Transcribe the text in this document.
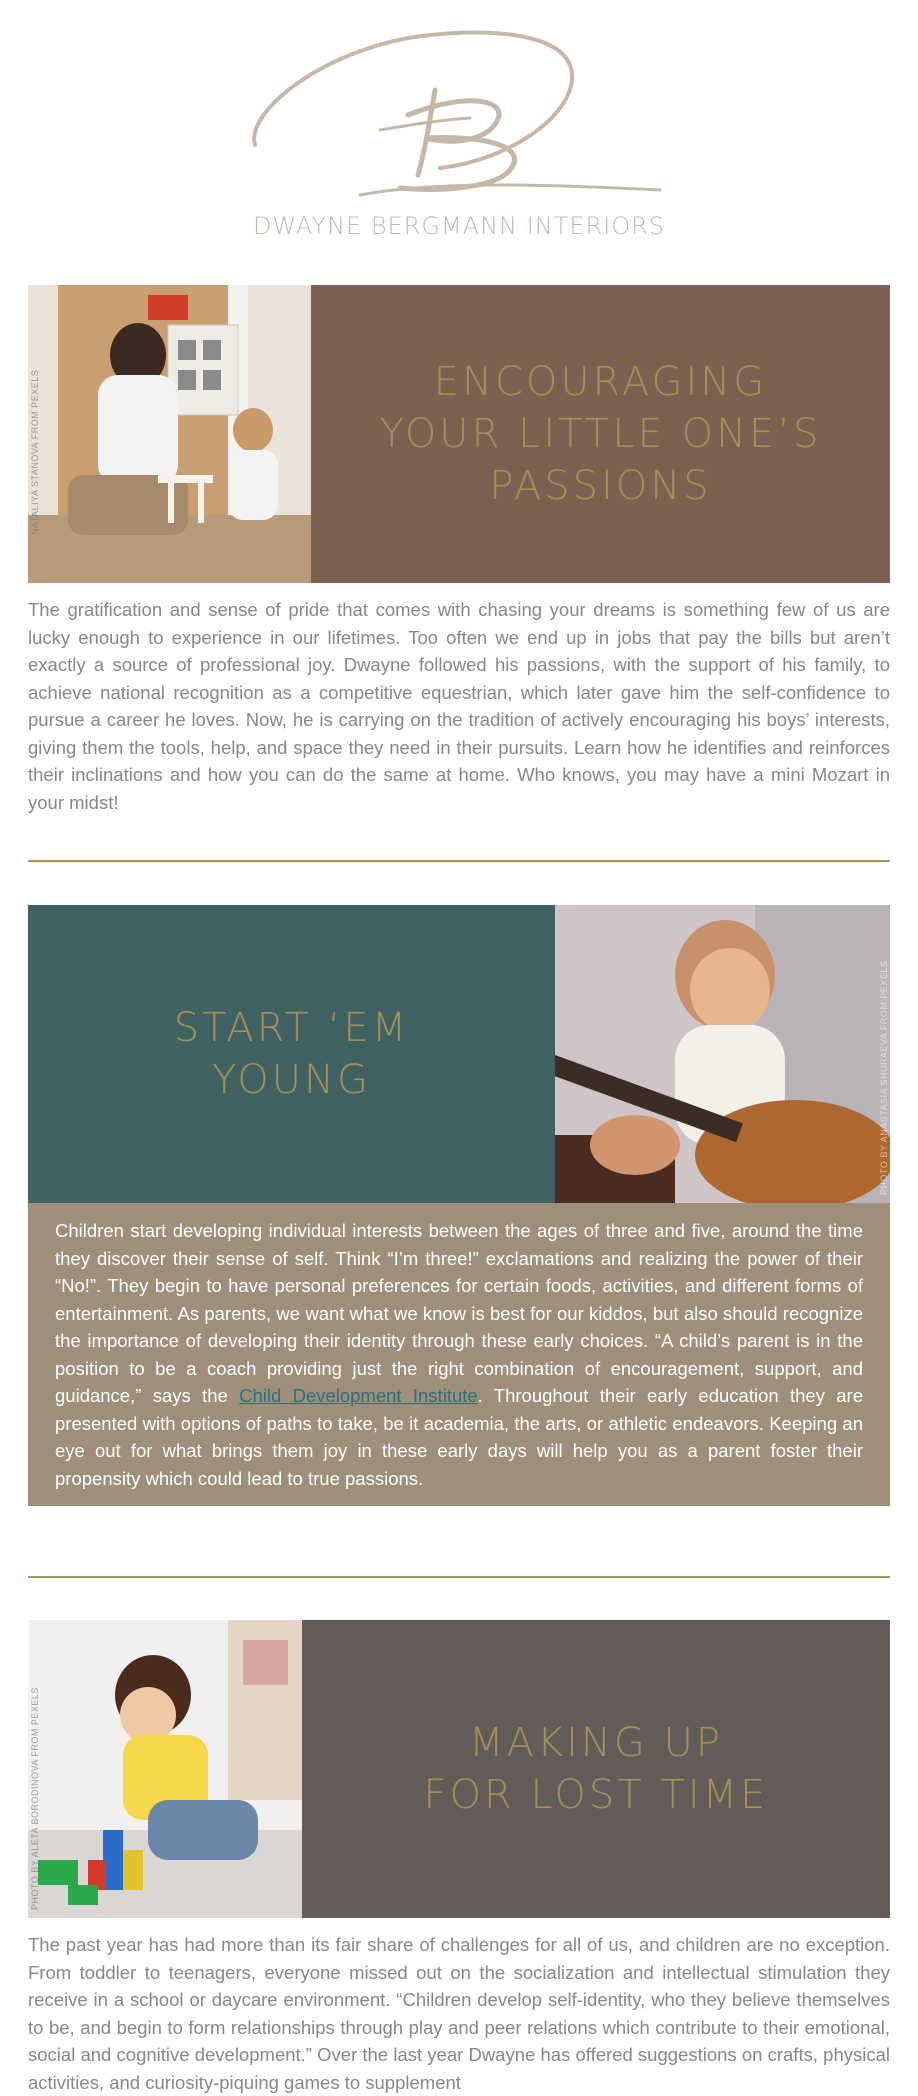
DWAYNE BERGMANN INTERIORS
NATALIYA STANOVA FROM PEXELS	ENCOURAGING
YOUR LITTLE ONE’S
PASSIONS
The gratification and sense of pride that comes with chasing your dreams is something few of us are lucky enough to experience in our lifetimes. Too often we end up in jobs that pay the bills but aren’t exactly a source of professional joy. Dwayne followed his passions, with the support of his family, to achieve national recognition as a competitive equestrian, which later gave him the self-confidence to pursue a career he loves. Now, he is carrying on the tradition of actively encouraging his boys’ interests, giving them the tools, help, and space they need in their pursuits. Learn how he identifies and reinforces their inclinations and how you can do the same at home. Who knows, you may have a mini Mozart in your midst!
START ‘EM
YOUNG	PHOTO BY ANASTASIA SHURAEVA FROM PEXELS
Children start developing individual interests between the ages of three and five, around the time they discover their sense of self. Think “I’m three!” exclamations and realizing the power of their “No!”. They begin to have personal preferences for certain foods, activities, and different forms of entertainment. As parents, we want what we know is best for our kiddos, but also should recognize the importance of developing their identity through these early choices. “A child’s parent is in the position to be a coach providing just the right combination of encouragement, support, and guidance,” says the Child Development Institute. Throughout their early education they are presented with options of paths to take, be it academia, the arts, or athletic endeavors. Keeping an eye out for what brings them joy in these early days will help you as a parent foster their propensity which could lead to true passions.
PHOTO BY ALETA BORODINOVA FROM PEXELS	MAKING UP
FOR LOST TIME
The past year has had more than its fair share of challenges for all of us, and children are no exception. From toddler to teenagers, everyone missed out on the socialization and intellectual stimulation they receive in a school or daycare environment. “Children develop self-identity, who they believe themselves to be, and begin to form relationships through play and peer relations which contribute to their emotional, social and cognitive development.” Over the last year Dwayne has offered suggestions on crafts, physical activities, and curiosity-piquing games to supplement
